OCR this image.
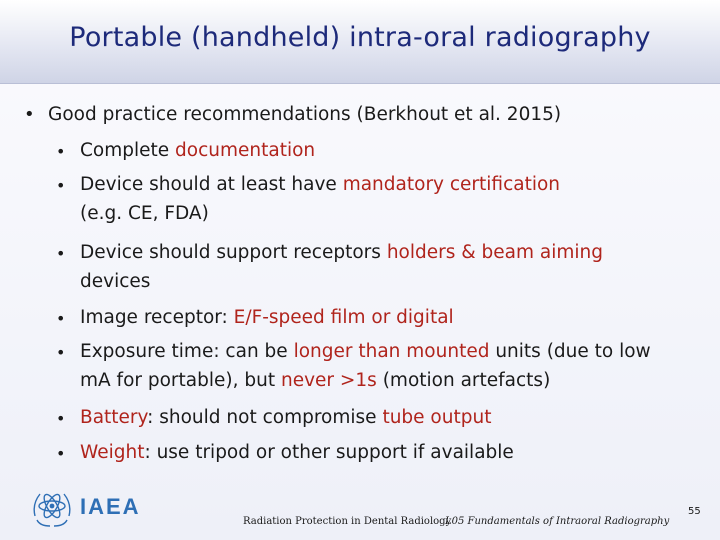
Portable (handheld) intra-oral radiography
• Good practice recommendations (Berkhout et al. 2015)
• Complete documentation
• Device should at least have mandatory certification
(e.g. CE, FDA)
• Device should support receptors holders & beam aiming
devices
• Image receptor: E/F-speed film or digital
• Exposure time: can be longer than mounted units (due to low
mA for portable), but never >1s (motion artefacts)
• Battery: should not compromise tube output
• Weight: use tripod or other support if available
IAEA
Radiation Protection in Dental Radiology
L05 Fundamentals of Intraoral Radiography
55
